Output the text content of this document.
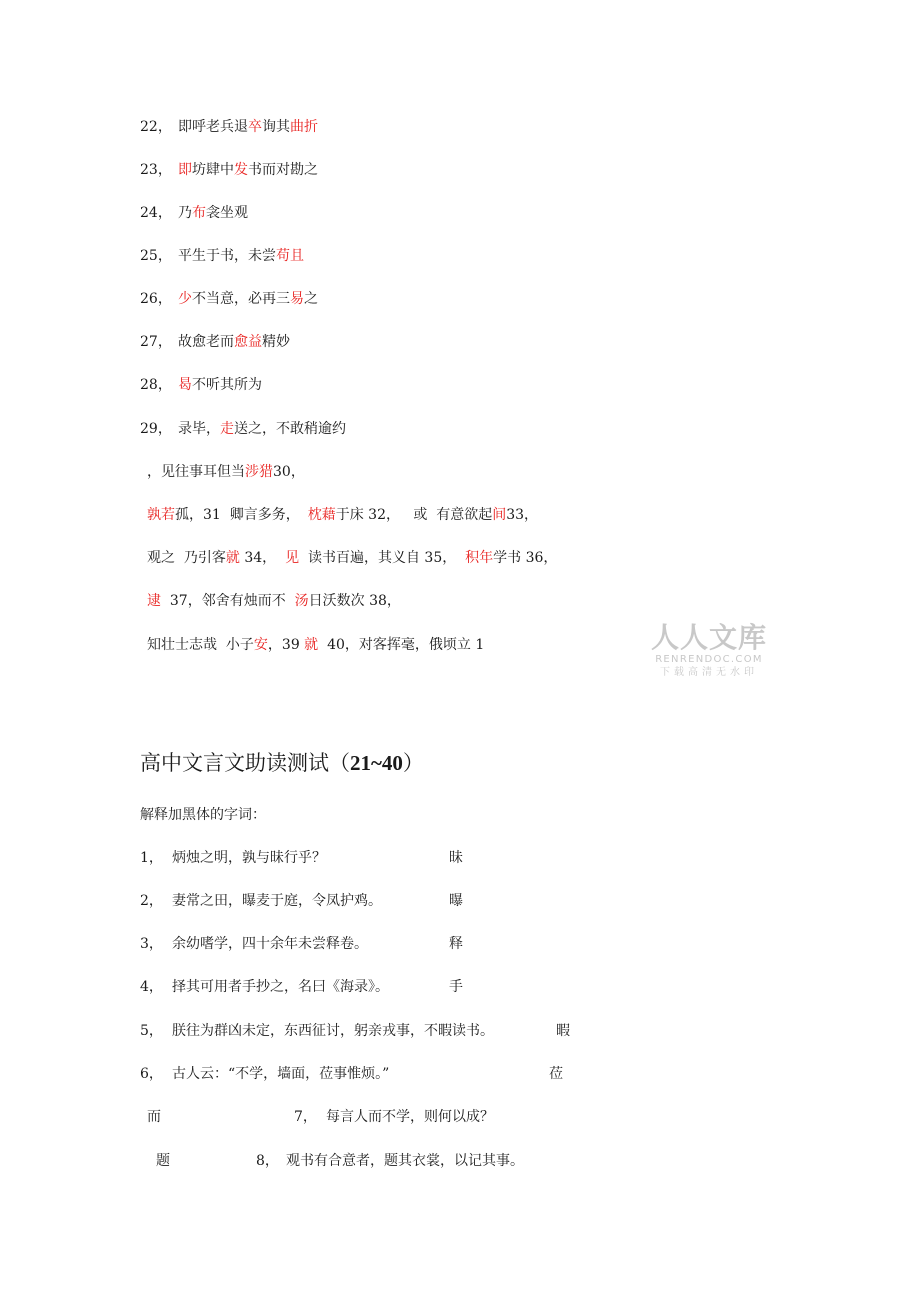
22， 即呼老兵退卒询其曲折
23， 即坊肆中发书而对勘之
24， 乃布衾坐观
25， 平生于书，未尝苟且
26， 少不当意，必再三易之
27， 故愈老而愈益精妙
28， 曷不听其所为
29， 录毕，走送之，不敢稍逾约
，见往事耳但当涉猎30，
孰若孤，31  卿言多务， 枕藉于床 32，   或  有意欲起间33，
观之  乃引客就 34，  见  读书百遍，其义自 35，  积年学书 36，
逮  37，邻舍有烛而不  汤日沃数次 38，
知壮士志哉  小子安，39 就  40，对客挥毫，俄顷立 1	人人文库
RENRENDOC.COM
下载高清无水印
高中文言文助读测试（21~40）
解释加黑体的字词：
1， 炳烛之明，孰与昧行乎？	昧
2， 妻常之田，曝麦于庭，令凤护鸡。	曝
3， 余幼嗜学，四十余年未尝释卷。	释
4， 择其可用者手抄之，名曰《海录》。	手
5， 朕往为群凶未定，东西征讨，躬亲戎事，不暇读书。	暇
6， 古人云：“不学，墙面，莅事惟烦。”	莅
而	7， 每言人而不学，则何以成？
题	8， 观书有合意者，题其衣裳，以记其事。
